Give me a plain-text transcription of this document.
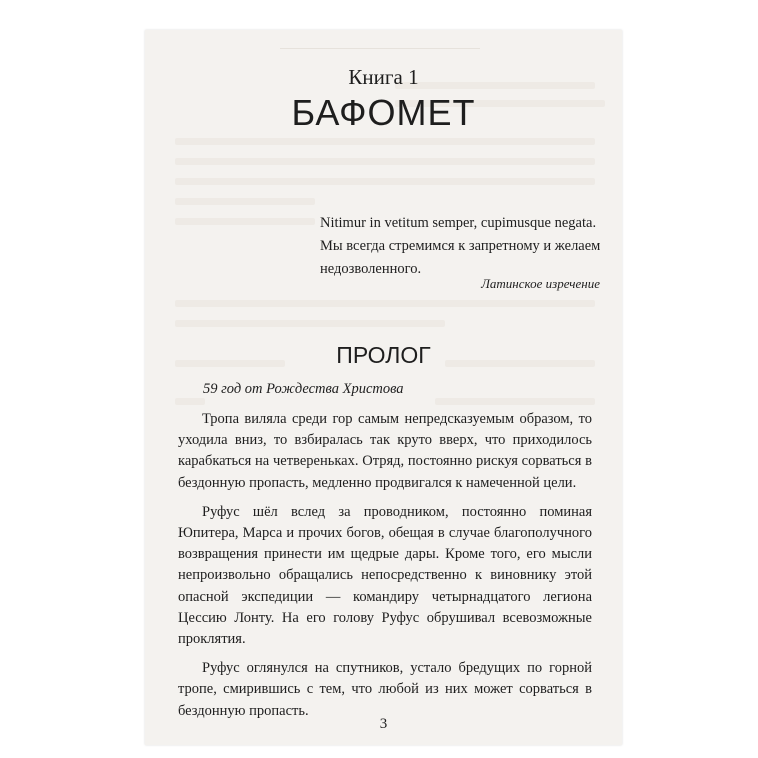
Книга 1
БАФОМЕТ
Nitimur in vetitum semper, cupimusque negata.
Мы всегда стремимся к запретному и желаем недозволенного.
Латинское изречение
ПРОЛОГ
59 год от Рождества Христова

Тропа виляла среди гор самым непредсказуемым образом, то уходила вниз, то взбиралась так круто вверх, что приходилось карабкаться на четвереньках. Отряд, постоянно рискуя сорваться в бездонную пропасть, медленно продвигался к намеченной цели.

Руфус шёл вслед за проводником, постоянно поминая Юпитера, Марса и прочих богов, обещая в случае благополучного возвращения принести им щедрые дары. Кроме того, его мысли непроизвольно обращались непосредственно к виновнику этой опасной экспедиции — командиру четырнадцатого легиона Цессию Лонту. На его голову Руфус обрушивал всевозможные проклятия.

Руфус оглянулся на спутников, устало бредущих по горной тропе, смирившись с тем, что любой из них может сорваться в бездонную пропасть.

3
